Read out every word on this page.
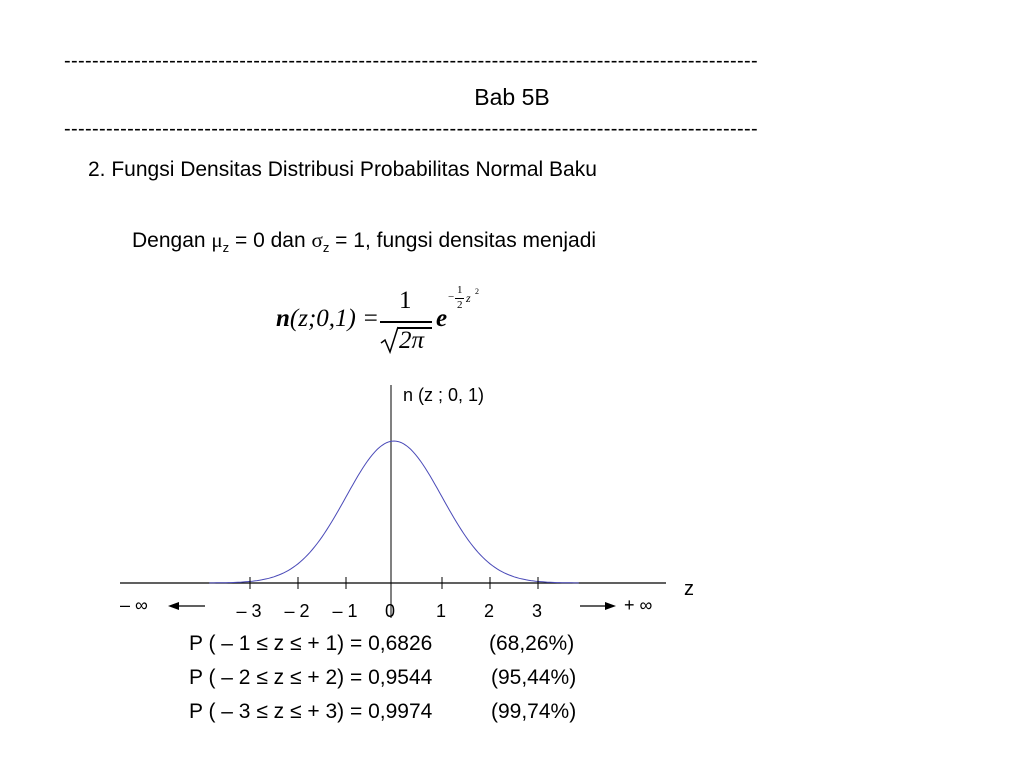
---------------------------------------------------------------------------------------------------
Bab 5B
---------------------------------------------------------------------------------------------------
2. Fungsi Densitas Distribusi Probabilitas Normal Baku
Dengan $\mu_z = 0$ dan $\sigma_z = 1$, fungsi densitas menjadi
n(z;0,1) =
1
2π
e
−
1
2 z 2
n (z ; 0, 1)
z
– ∞	+ ∞
– 3	– 2	– 1	0	1	2	3
P ( – 1 ≤ z ≤ + 1) = 0,6826	(68,26%)
P ( – 2 ≤ z ≤ + 2) = 0,9544	(95,44%)
P ( – 3 ≤ z ≤ + 3) = 0,9974	(99,74%)
